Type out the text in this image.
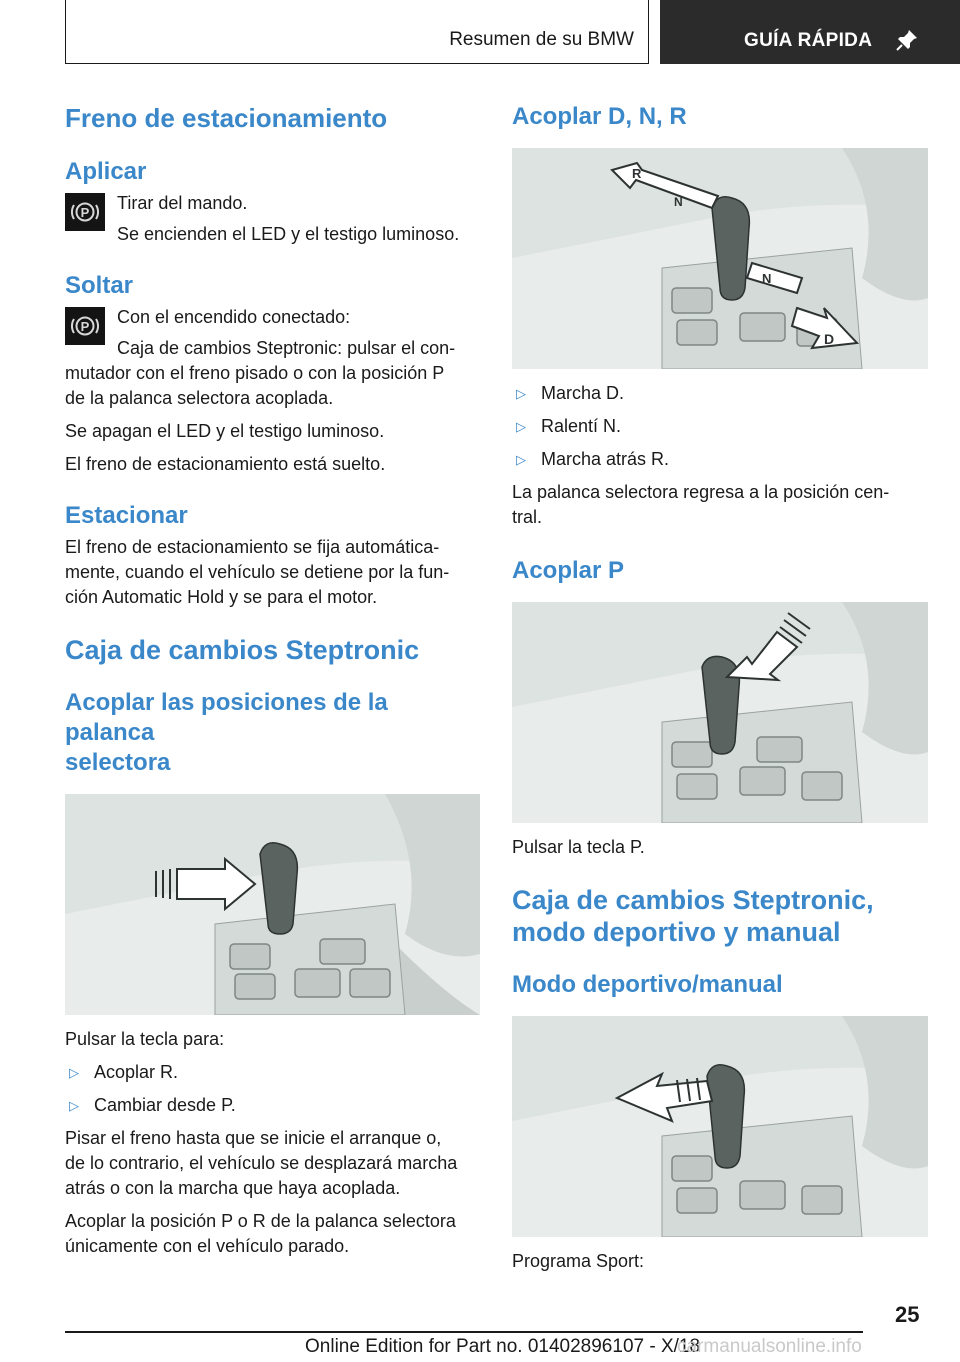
Resumen de su BMW	GUÍA RÁPIDA
Freno de estacionamiento
Aplicar
P Tirar del mando.

Se encienden el LED y el testigo luminoso.

Soltar
P Con el encendido conectado:

Caja de cambios Steptronic: pulsar el con-

mutador con el freno pisado o con la posición P

de la palanca selectora acoplada.

Se apagan el LED y el testigo luminoso.

El freno de estacionamiento está suelto.

Estacionar

El freno de estacionamiento se fija automática-

mente, cuando el vehículo se detiene por la fun-

ción Automatic Hold y se para el motor.

Caja de cambios Steptronic
Acoplar las posiciones de la palanca
selectora

Pulsar la tecla para:

▷ Acoplar R.

▷ Cambiar desde P.

Pisar el freno hasta que se inicie el arranque o,

de lo contrario, el vehículo se desplazará marcha

atrás o con la marcha que haya acoplada.

Acoplar la posición P o R de la palanca selectora

únicamente con el vehículo parado.

Acoplar D, N, R
R
N
N
D
▷ Marcha D.

▷ Ralentí N.

▷ Marcha atrás R.

La palanca selectora regresa a la posición cen-

tral.

Acoplar P

Pulsar la tecla P.

Caja de cambios Steptronic,
modo deportivo y manual
Modo deportivo/manual

Programa Sport:

25
Online Edition for Part no. 01402896107 - X/18
carmanualsonline.info
